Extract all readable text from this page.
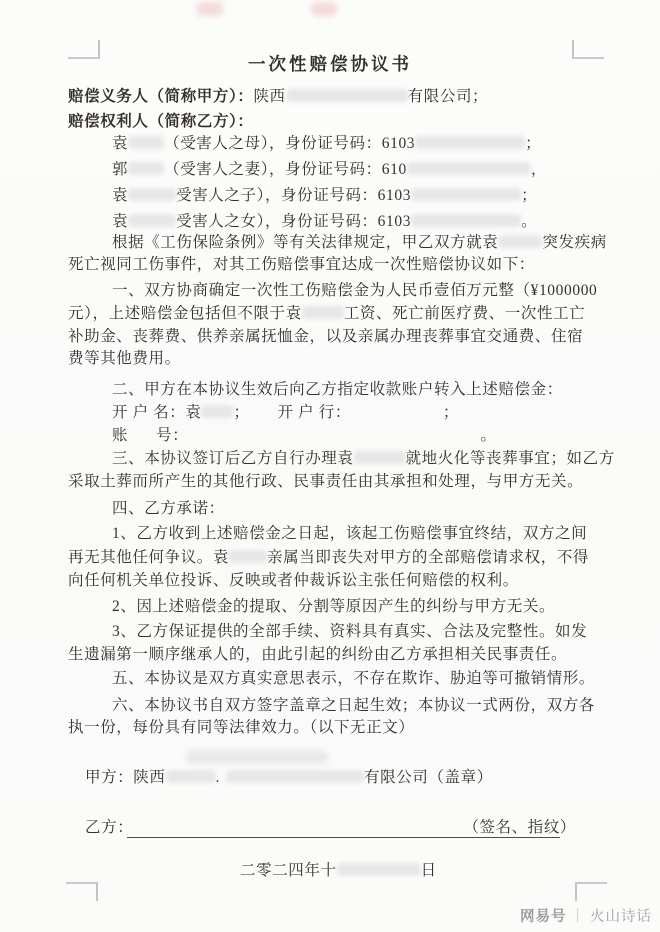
一次性赔偿协议书
赔偿义务人（简称甲方）：陕西	有限公司；
赔偿权利人（简称乙方）：
袁 （受害人之母），身份证号码：6103	；
郭 （受害人之妻），身份证号码：610	，
袁	受害人之子），身份证号码：6103	；
袁	受害人之女），身份证号码：6103	。
根据《工伤保险条例》等有关法律规定，甲乙双方就袁	突发疾病
死亡视同工伤事件，对其工伤赔偿事宜达成一次性赔偿协议如下：
一、双方协商确定一次性工伤赔偿金为人民币壹佰万元整（¥1000000
元），上述赔偿金包括但不限于袁	工资、死亡前医疗费、一次性工亡
补助金、丧葬费、供养亲属抚恤金，以及亲属办理丧葬事宜交通费、住宿
费等其他费用。
二、甲方在本协议生效后向乙方指定收款账户转入上述赔偿金：
开 户 名：袁 ； 开 户 行：	；
账 号：	。
三、本协议签订后乙方自行办理袁	就地火化等丧葬事宜；如乙方
采取土葬而所产生的其他行政、民事责任由其承担和处理，与甲方无关。
四、乙方承诺：
1、乙方收到上述赔偿金之日起，该起工伤赔偿事宜终结，双方之间
再无其他任何争议。袁 亲属当即丧失对甲方的全部赔偿请求权，不得
向任何机关单位投诉、反映或者仲裁诉讼主张任何赔偿的权利。
2、因上述赔偿金的提取、分割等原因产生的纠纷与甲方无关。
3、乙方保证提供的全部手续、资料具有真实、合法及完整性。如发
生遗漏第一顺序继承人的，由此引起的纠纷由乙方承担相关民事责任。
五、本协议是双方真实意思表示，不存在欺诈、胁迫等可撤销情形。
六、本协议书自双方签字盖章之日起生效；本协议一式两份，双方各
执一份，每份具有同等法律效力。（以下无正文）
甲方：陕西	.	有限公司（盖章）
乙方：	（签名、指纹）
二零二四年十	日
网易号 ｜ 火山诗话
